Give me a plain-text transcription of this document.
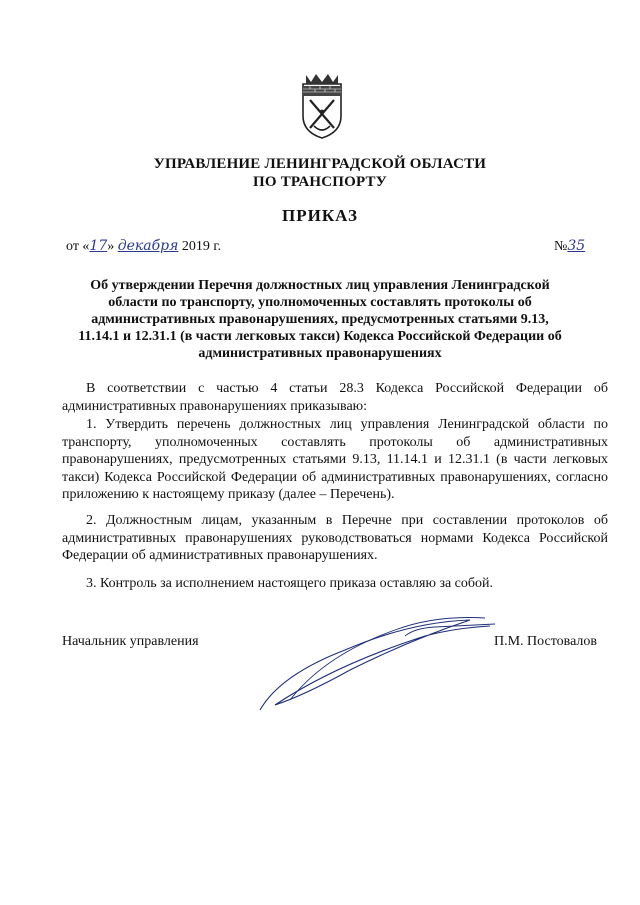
УПРАВЛЕНИЕ ЛЕНИНГРАДСКОЙ ОБЛАСТИ
ПО ТРАНСПОРТУ
ПРИКАЗ
от «17» декабря 2019 г.	№35
Об утверждении Перечня должностных лиц управления Ленинградской области по транспорту, уполномоченных составлять протоколы об административных правонарушениях, предусмотренных статьями 9.13, 11.14.1 и 12.31.1 (в части легковых такси) Кодекса Российской Федерации об административных правонарушениях
В соответствии с частью 4 статьи 28.3 Кодекса Российской Федерации об административных правонарушениях приказываю:
1. Утвердить перечень должностных лиц управления Ленинградской области по транспорту, уполномоченных составлять протоколы об административных правонарушениях, предусмотренных статьями 9.13, 11.14.1 и 12.31.1 (в части легковых такси) Кодекса Российской Федерации об административных правонарушениях, согласно приложению к настоящему приказу (далее – Перечень).
2. Должностным лицам, указанным в Перечне при составлении протоколов об административных правонарушениях руководствоваться нормами Кодекса Российской Федерации об административных правонарушениях.
3. Контроль за исполнением настоящего приказа оставляю за собой.
Начальник управления	П.М. Постовалов
